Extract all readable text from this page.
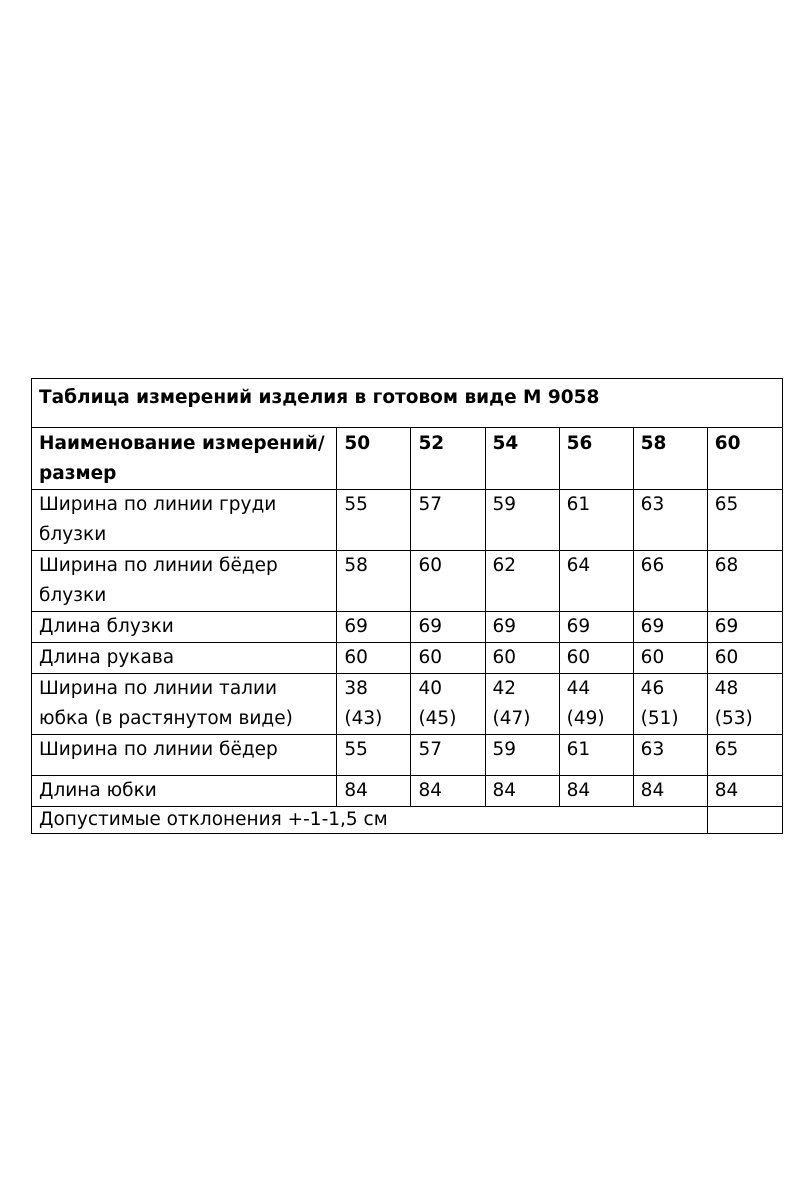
Таблица измерений изделия в готовом виде М 9058						
Наименование измерений/размер	50	52	54	56	58	60
Ширина по линии груди блузки	55	57	59	61	63	65
Ширина по линии бёдер блузки	58	60	62	64	66	68
Длина блузки	69	69	69	69	69	69
Длина рукава	60	60	60	60	60	60
Ширина по линии талии юбка (в растянутом виде)	38 (43)	40 (45)	42 (47)	44 (49)	46 (51)	48 (53)
Ширина по линии бёдер	55	57	59	61	63	65
Длина юбки	84	84	84	84	84	84
Допустимые отклонения +-1-1,5 см						
